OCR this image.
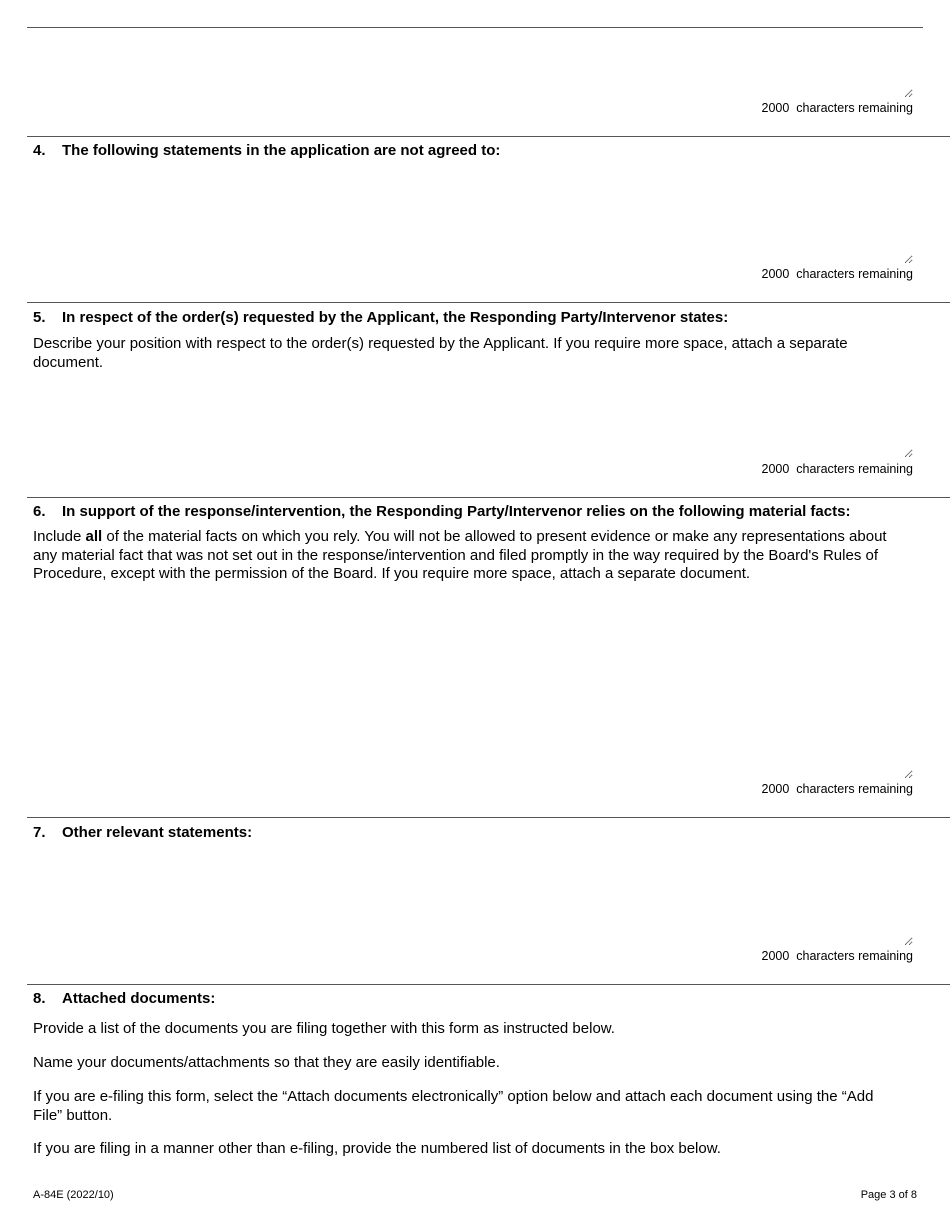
2000  characters remaining
4. The following statements in the application are not agreed to:
2000  characters remaining
5. In respect of the order(s) requested by the Applicant, the Responding Party/Intervenor states:
Describe your position with respect to the order(s) requested by the Applicant. If you require more space, attach a separate document.
2000  characters remaining
6. In support of the response/intervention, the Responding Party/Intervenor relies on the following material facts:
Include all of the material facts on which you rely. You will not be allowed to present evidence or make any representations about any material fact that was not set out in the response/intervention and filed promptly in the way required by the Board's Rules of Procedure, except with the permission of the Board. If you require more space, attach a separate document.
2000  characters remaining
7. Other relevant statements:
2000  characters remaining
8. Attached documents:
Provide a list of the documents you are filing together with this form as instructed below.
Name your documents/attachments so that they are easily identifiable.
If you are e-filing this form, select the “Attach documents electronically” option below and attach each document using the “Add File” button.
If you are filing in a manner other than e-filing, provide the numbered list of documents in the box below.
A-84E (2022/10)	Page 3 of 8
